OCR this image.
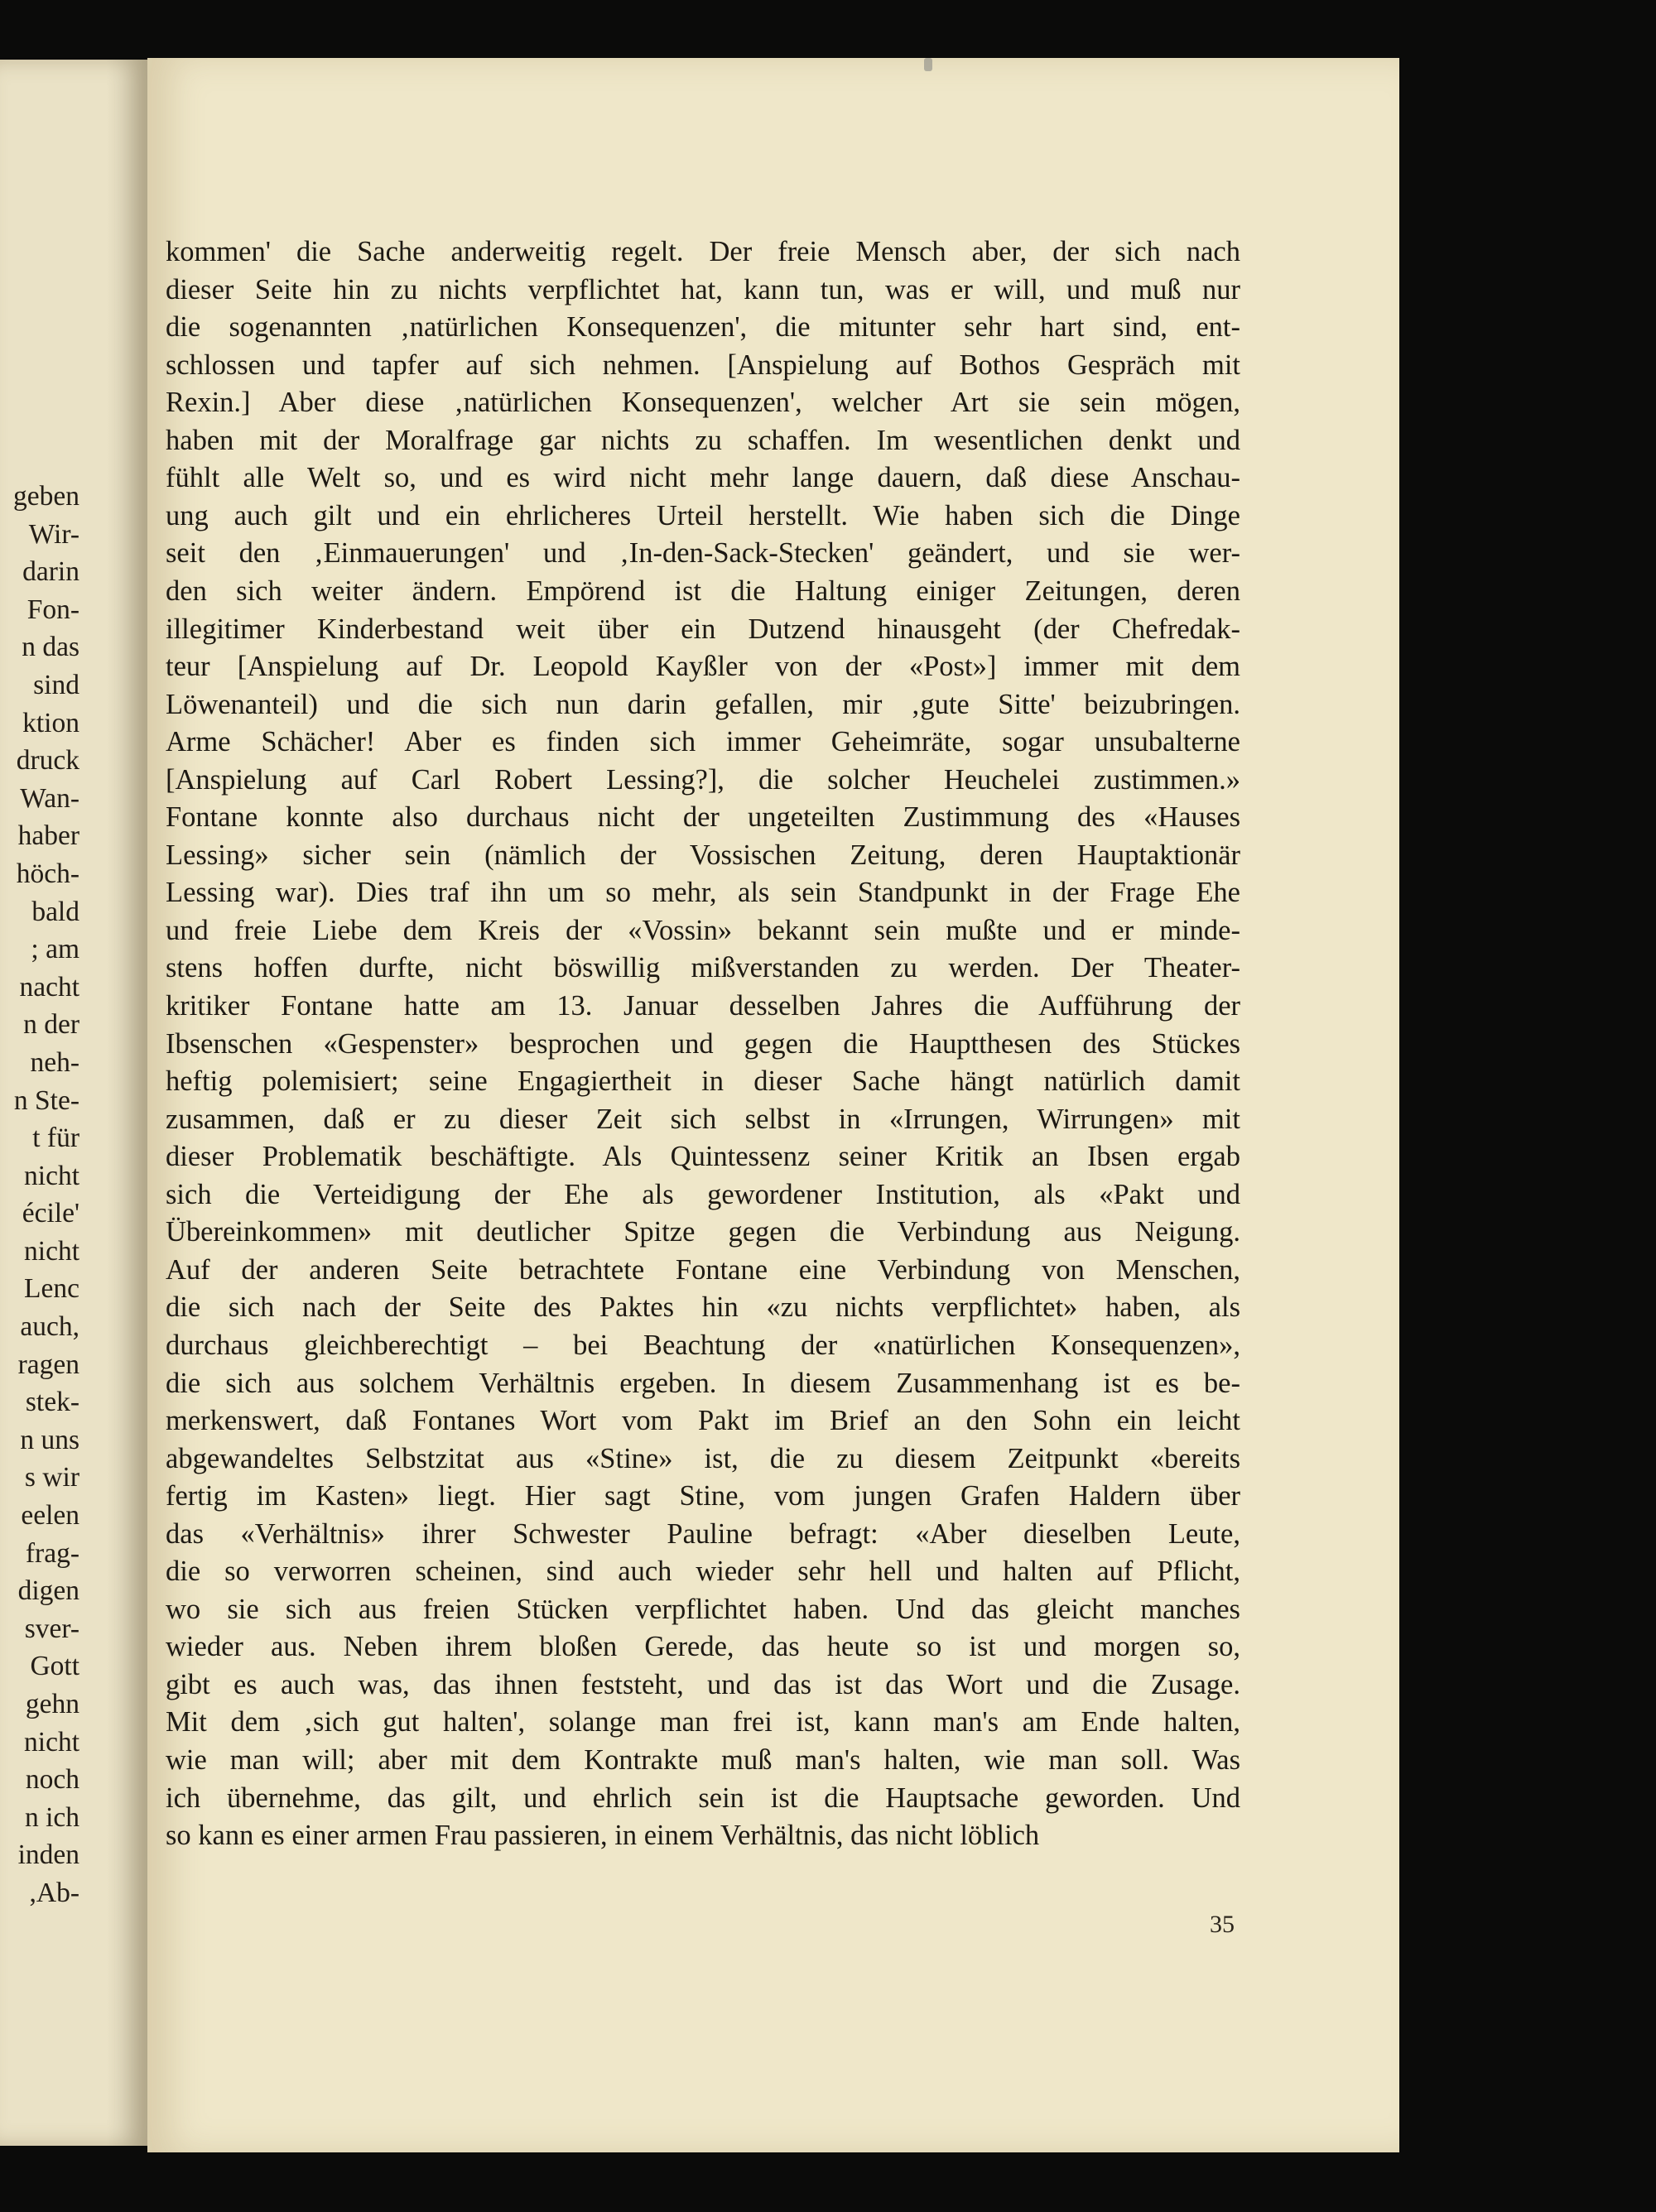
geben
Wir-
darin
Fon-
n das
sind
ktion
druck
Wan-
haber
höch-
bald
; am
nacht
n der
neh-
n Ste-
t für
nicht
écile'
nicht
Lenc
auch,
ragen
stek-
n uns
s wir
eelen
frag-
digen
sver-
Gott
gehn
nicht
noch
n ich
inden
,Ab-
kommen' die Sache anderweitig regelt. Der freie Mensch aber, der sich nach
dieser Seite hin zu nichts verpflichtet hat, kann tun, was er will, und muß nur
die sogenannten ‚natürlichen Konsequenzen', die mitunter sehr hart sind, ent-
schlossen und tapfer auf sich nehmen. [Anspielung auf Bothos Gespräch mit
Rexin.] Aber diese ‚natürlichen Konsequenzen', welcher Art sie sein mögen,
haben mit der Moralfrage gar nichts zu schaffen. Im wesentlichen denkt und
fühlt alle Welt so, und es wird nicht mehr lange dauern, daß diese Anschau-
ung auch gilt und ein ehrlicheres Urteil herstellt. Wie haben sich die Dinge
seit den ‚Einmauerungen' und ‚In-den-Sack-Stecken' geändert, und sie wer-
den sich weiter ändern. Empörend ist die Haltung einiger Zeitungen, deren
illegitimer Kinderbestand weit über ein Dutzend hinausgeht (der Chefredak-
teur [Anspielung auf Dr. Leopold Kayßler von der «Post»] immer mit dem
Löwenanteil) und die sich nun darin gefallen, mir ‚gute Sitte' beizubringen.
Arme Schächer! Aber es finden sich immer Geheimräte, sogar unsubalterne
[Anspielung auf Carl Robert Lessing?], die solcher Heuchelei zustimmen.»
Fontane konnte also durchaus nicht der ungeteilten Zustimmung des «Hauses
Lessing» sicher sein (nämlich der Vossischen Zeitung, deren Hauptaktionär
Lessing war). Dies traf ihn um so mehr, als sein Standpunkt in der Frage Ehe
und freie Liebe dem Kreis der «Vossin» bekannt sein mußte und er minde-
stens hoffen durfte, nicht böswillig mißverstanden zu werden. Der Theater-
kritiker Fontane hatte am 13. Januar desselben Jahres die Aufführung der
Ibsenschen «Gespenster» besprochen und gegen die Hauptthesen des Stückes
heftig polemisiert; seine Engagiertheit in dieser Sache hängt natürlich damit
zusammen, daß er zu dieser Zeit sich selbst in «Irrungen, Wirrungen» mit
dieser Problematik beschäftigte. Als Quintessenz seiner Kritik an Ibsen ergab
sich die Verteidigung der Ehe als gewordener Institution, als «Pakt und
Übereinkommen» mit deutlicher Spitze gegen die Verbindung aus Neigung.
Auf der anderen Seite betrachtete Fontane eine Verbindung von Menschen,
die sich nach der Seite des Paktes hin «zu nichts verpflichtet» haben, als
durchaus gleichberechtigt – bei Beachtung der «natürlichen Konsequenzen»,
die sich aus solchem Verhältnis ergeben. In diesem Zusammenhang ist es be-
merkenswert, daß Fontanes Wort vom Pakt im Brief an den Sohn ein leicht
abgewandeltes Selbstzitat aus «Stine» ist, die zu diesem Zeitpunkt «bereits
fertig im Kasten» liegt. Hier sagt Stine, vom jungen Grafen Haldern über
das «Verhältnis» ihrer Schwester Pauline befragt: «Aber dieselben Leute,
die so verworren scheinen, sind auch wieder sehr hell und halten auf Pflicht,
wo sie sich aus freien Stücken verpflichtet haben. Und das gleicht manches
wieder aus. Neben ihrem bloßen Gerede, das heute so ist und morgen so,
gibt es auch was, das ihnen feststeht, und das ist das Wort und die Zusage.
Mit dem ‚sich gut halten', solange man frei ist, kann man's am Ende halten,
wie man will; aber mit dem Kontrakte muß man's halten, wie man soll. Was
ich übernehme, das gilt, und ehrlich sein ist die Hauptsache geworden. Und
so kann es einer armen Frau passieren, in einem Verhältnis, das nicht löblich
35
